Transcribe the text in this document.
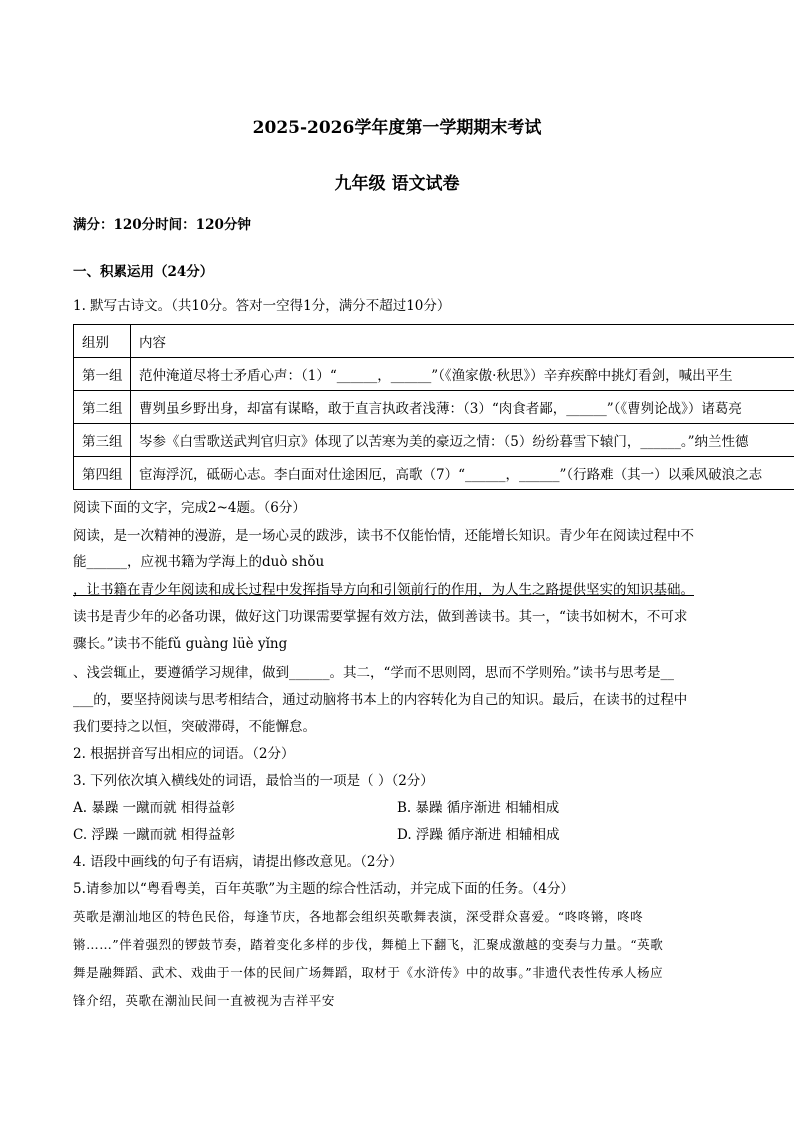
2025-2026学年度第一学期期末考试
九年级 语文试卷
满分：120分时间：120分钟
一、积累运用（24分）
1. 默写古诗文。（共10分。答对一空得1分，满分不超过10分）
组别	内容
第一组	范仲淹道尽将士矛盾心声：（1）“______，______”（《渔家傲·秋思》）辛弃疾醉中挑灯看剑，喊出平生
第二组	曹刿虽乡野出身，却富有谋略，敢于直言执政者浅薄：（3）“肉食者鄙，______”（《曹刿论战》）诸葛亮
第三组	岑参《白雪歌送武判官归京》体现了以苦寒为美的豪迈之情：（5）纷纷暮雪下辕门，______。”纳兰性德
第四组	宦海浮沉，砥砺心志。李白面对仕途困厄，高歌（7）“______，______”（行路难（其一）以乘风破浪之志
阅读下面的文字，完成2~4题。（6分）
阅读，是一次精神的漫游，是一场心灵的跋涉，读书不仅能怡情，还能增长知识。青少年在阅读过程中不
能______，应视书籍为学海上的duò shǒu
，让书籍在青少年阅读和成长过程中发挥指导方向和引领前行的作用，为人生之路提供坚实的知识基础。
读书是青少年的必备功课，做好这门功课需要掌握有效方法，做到善读书。其一，“读书如树木，不可求
骤长。”读书不能fǔ guàng lüè yǐng
、浅尝辄止，要遵循学习规律，做到______。其二，“学而不思则罔，思而不学则殆。”读书与思考是__
___的，要坚持阅读与思考相结合，通过动脑将书本上的内容转化为自己的知识。最后，在读书的过程中
我们要持之以恒，突破滞碍，不能懈怠。
2. 根据拼音写出相应的词语。（2分）
3. 下列依次填入横线处的词语，最恰当的一项是（ ）（2分）
A. 暴躁 一蹴而就 相得益彰	B. 暴躁 循序渐进 相辅相成
C. 浮躁 一蹴而就 相得益彰	D. 浮躁 循序渐进 相辅相成
4. 语段中画线的句子有语病，请提出修改意见。（2分）
5.请参加以“粤看粤美，百年英歌”为主题的综合性活动，并完成下面的任务。（4分）
英歌是潮汕地区的特色民俗，每逢节庆，各地都会组织英歌舞表演，深受群众喜爱。“咚咚锵，咚咚
锵……”伴着强烈的锣鼓节奏，踏着变化多样的步伐，舞槌上下翻飞，汇聚成激越的变奏与力量。“英歌
舞是融舞蹈、武术、戏曲于一体的民间广场舞蹈，取材于《水浒传》中的故事。”非遗代表性传承人杨应
锋介绍，英歌在潮汕民间一直被视为吉祥平安
